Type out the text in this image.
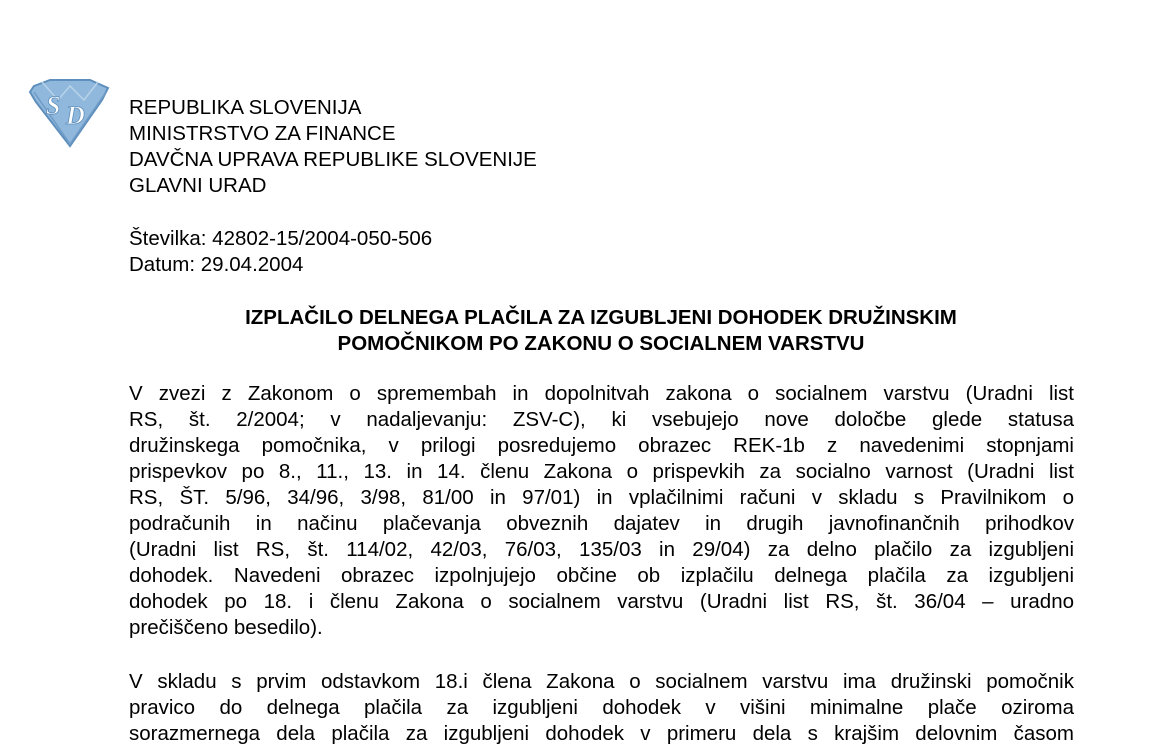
S D REPUBLIKA SLOVENIJA
MINISTRSTVO ZA FINANCE
DAVČNA UPRAVA REPUBLIKE SLOVENIJE
GLAVNI URAD
Številka: 42802-15/2004-050-506
Datum: 29.04.2004
IZPLAČILO DELNEGA PLAČILA ZA IZGUBLJENI DOHODEK DRUŽINSKIM
POMOČNIKOM PO ZAKONU O SOCIALNEM VARSTVU
V zvezi z Zakonom o spremembah in dopolnitvah zakona o socialnem varstvu (Uradni list
RS, št. 2/2004; v nadaljevanju: ZSV-C), ki vsebujejo nove določbe glede statusa
družinskega pomočnika, v prilogi posredujemo obrazec REK-1b z navedenimi stopnjami
prispevkov po 8., 11., 13. in 14. členu Zakona o prispevkih za socialno varnost (Uradni list
RS, ŠT. 5/96, 34/96, 3/98, 81/00 in 97/01) in vplačilnimi računi v skladu s Pravilnikom o
podračunih in načinu plačevanja obveznih dajatev in drugih javnofinančnih prihodkov
(Uradni list RS, št. 114/02, 42/03, 76/03, 135/03 in 29/04) za delno plačilo za izgubljeni
dohodek. Navedeni obrazec izpolnjujejo občine ob izplačilu delnega plačila za izgubljeni
dohodek po 18. i členu Zakona o socialnem varstvu (Uradni list RS, št. 36/04 – uradno
prečiščeno besedilo).
V skladu s prvim odstavkom 18.i člena Zakona o socialnem varstvu ima družinski pomočnik
pravico do delnega plačila za izgubljeni dohodek v višini minimalne plače oziroma
sorazmernega dela plačila za izgubljeni dohodek v primeru dela s krajšim delovnim časom
